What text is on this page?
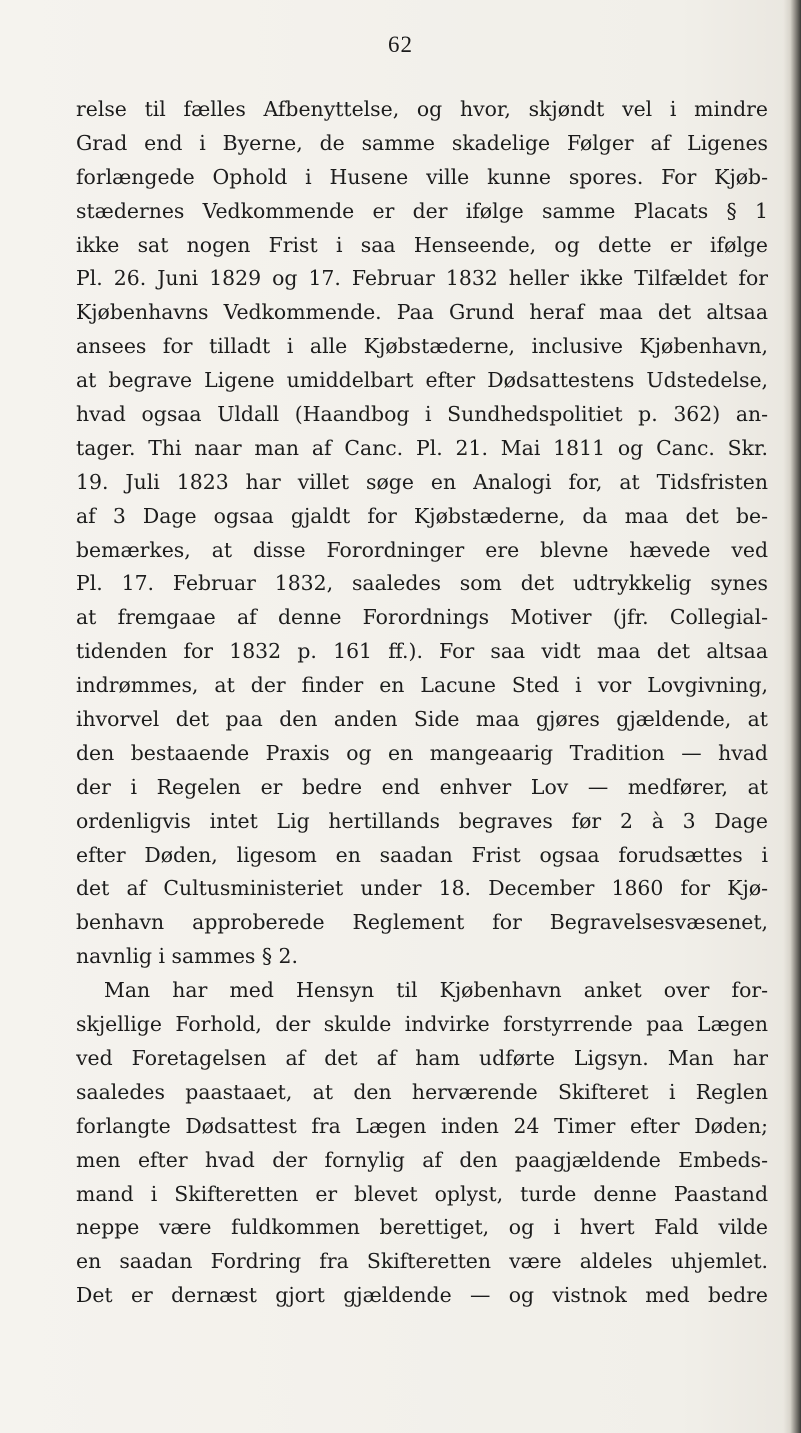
62
relse til fælles Afbenyttelse, og hvor, skjøndt vel i mindre
Grad end i Byerne, de samme skadelige Følger af Ligenes
forlængede Ophold i Husene ville kunne spores. For Kjøb-
stædernes Vedkommende er der ifølge samme Placats § 1
ikke sat nogen Frist i saa Henseende, og dette er ifølge
Pl. 26. Juni 1829 og 17. Februar 1832 heller ikke Tilfældet for
Kjøbenhavns Vedkommende. Paa Grund heraf maa det altsaa
ansees for tilladt i alle Kjøbstæderne, inclusive Kjøbenhavn,
at begrave Ligene umiddelbart efter Dødsattestens Udstedelse,
hvad ogsaa Uldall (Haandbog i Sundhedspolitiet p. 362) an-
tager. Thi naar man af Canc. Pl. 21. Mai 1811 og Canc. Skr.
19. Juli 1823 har villet søge en Analogi for, at Tidsfristen
af 3 Dage ogsaa gjaldt for Kjøbstæderne, da maa det be-
bemærkes, at disse Forordninger ere blevne hævede ved
Pl. 17. Februar 1832, saaledes som det udtrykkelig synes
at fremgaae af denne Forordnings Motiver (jfr. Collegial-
tidenden for 1832 p. 161 ff.). For saa vidt maa det altsaa
indrømmes, at der finder en Lacune Sted i vor Lovgivning,
ihvorvel det paa den anden Side maa gjøres gjældende, at
den bestaaende Praxis og en mangeaarig Tradition — hvad
der i Regelen er bedre end enhver Lov — medfører, at
ordenligvis intet Lig hertillands begraves før 2 à 3 Dage
efter Døden, ligesom en saadan Frist ogsaa forudsættes i
det af Cultusministeriet under 18. December 1860 for Kjø-
benhavn approberede Reglement for Begravelsesvæsenet,
navnlig i sammes § 2.
Man har med Hensyn til Kjøbenhavn anket over for-
skjellige Forhold, der skulde indvirke forstyrrende paa Lægen
ved Foretagelsen af det af ham udførte Ligsyn. Man har
saaledes paastaaet, at den herværende Skifteret i Reglen
forlangte Dødsattest fra Lægen inden 24 Timer efter Døden;
men efter hvad der fornylig af den paagjældende Embeds-
mand i Skifteretten er blevet oplyst, turde denne Paastand
neppe være fuldkommen berettiget, og i hvert Fald vilde
en saadan Fordring fra Skifteretten være aldeles uhjemlet.
Det er dernæst gjort gjældende — og vistnok med bedre
